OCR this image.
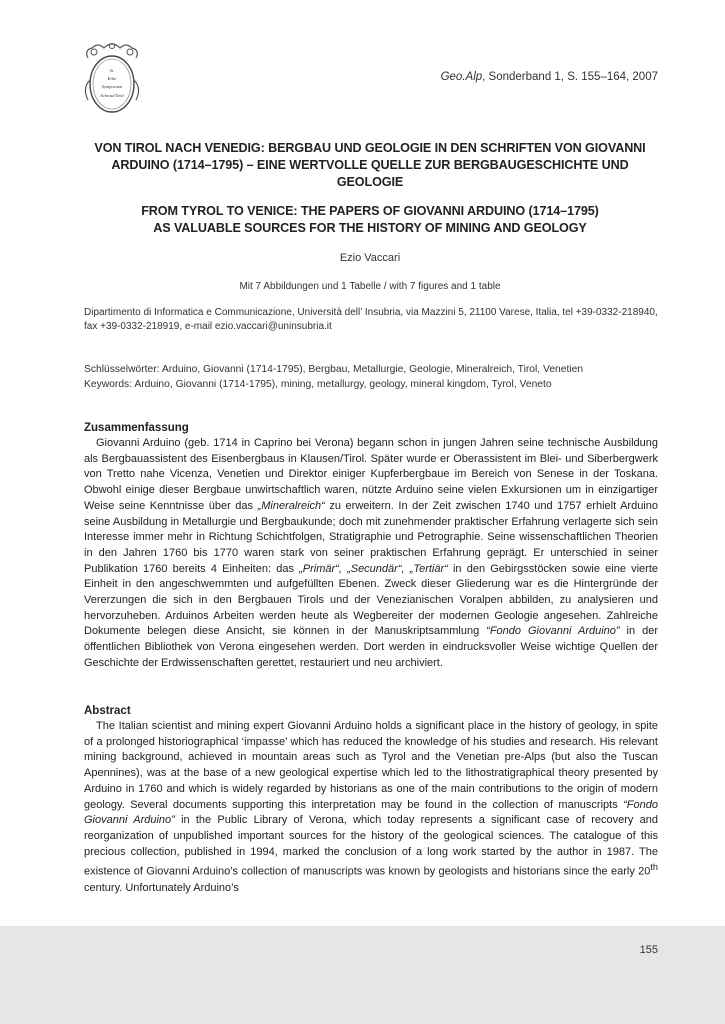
St.
Erbe
Symposium
Schwaz/Tirol
Geo.Alp, Sonderband 1, S. 155–164, 2007

VON TIROL NACH VENEDIG: BERGBAU UND GEOLOGIE IN DEN SCHRIFTEN VON GIOVANNI
ARDUINO (1714–1795) – EINE WERTVOLLE QUELLE ZUR BERGBAUGESCHICHTE UND GEOLOGIE

FROM TYROL TO VENICE: THE PAPERS OF GIOVANNI ARDUINO (1714–1795)
AS VALUABLE SOURCES FOR THE HISTORY OF MINING AND GEOLOGY

Ezio Vaccari
Mit 7 Abbildungen und 1 Tabelle / with 7 figures and 1 table
Dipartimento di Informatica e Communicazione, Università dell’ Insubria, via Mazzini 5, 21100 Varese, Italia, tel +39-0332-218940,
fax +39-0332-218919, e-mail ezio.vaccari@uninsubria.it
Schlüsselwörter: Arduino, Giovanni (1714-1795), Bergbau, Metallurgie, Geologie, Mineralreich, Tirol, Venetien
Keywords: Arduino, Giovanni (1714-1795), mining, metallurgy, geology, mineral kingdom, Tyrol, Veneto
Zusammenfassung

Giovanni Arduino (geb. 1714 in Caprino bei Verona) begann schon in jungen Jahren seine technische Ausbildung als Bergbauassistent des Eisenbergbaus in Klausen/Tirol. Später wurde er Oberassistent im Blei- und Siberbergwerk von Tretto nahe Vicenza, Venetien und Direktor einiger Kupferbergbaue im Bereich von Senese in der Toskana. Obwohl einige dieser Bergbaue unwirtschaftlich waren, nützte Arduino seine vielen Exkursionen um in einzigartiger Weise seine Kenntnisse über das „Mineralreich“ zu erweitern. In der Zeit zwischen 1740 und 1757 erhielt Arduino seine Ausbildung in Metallurgie und Bergbaukunde; doch mit zunehmender praktischer Erfahrung verlagerte sich sein Interesse immer mehr in Richtung Schichtfolgen, Stratigraphie und Petrographie. Seine wissenschaftlichen Theorien in den Jahren 1760 bis 1770 waren stark von seiner praktischen Erfahrung geprägt. Er unterschied in seiner Publikation 1760 bereits 4 Einheiten: das „Primär“, „Secundär“, „Tertiär“ in den Gebirgsstöcken sowie eine vierte Einheit in den angeschwemmten und aufgefüllten Ebenen. Zweck dieser Gliederung war es die Hintergründe der Vererzungen die sich in den Bergbauen Tirols und der Venezianischen Voralpen abbilden, zu analysieren und hervorzuheben. Arduinos Arbeiten werden heute als Wegbereiter der modernen Geologie angesehen. Zahlreiche Dokumente belegen diese Ansicht, sie können in der Manuskriptsammlung “Fondo Giovanni Arduino” in der öffentlichen Bibliothek von Verona eingesehen werden. Dort werden in eindrucksvoller Weise wichtige Quellen der Geschichte der Erdwissenschaften gerettet, restauriert und neu archiviert.

Abstract

The Italian scientist and mining expert Giovanni Arduino holds a significant place in the history of geology, in spite of a prolonged historiographical ‘impasse’ which has reduced the knowledge of his studies and research. His relevant mining background, achieved in mountain areas such as Tyrol and the Venetian pre-Alps (but also the Tuscan Apennines), was at the base of a new geological expertise which led to the lithostratigraphical theory presented by Arduino in 1760 and which is widely regarded by historians as one of the main contributions to the origin of modern geology. Several documents supporting this interpretation may be found in the collection of manuscripts “Fondo Giovanni Arduino” in the Public Library of Verona, which today represents a significant case of recovery and reorganization of unpublished important sources for the history of the geological sciences. The catalogue of this precious collection, published in 1994, marked the conclusion of a long work started by the author in 1987. The existence of Giovanni Arduino’s collection of manuscripts was known by geologists and historians since the early 20th century. Unfortunately Arduino’s

155
